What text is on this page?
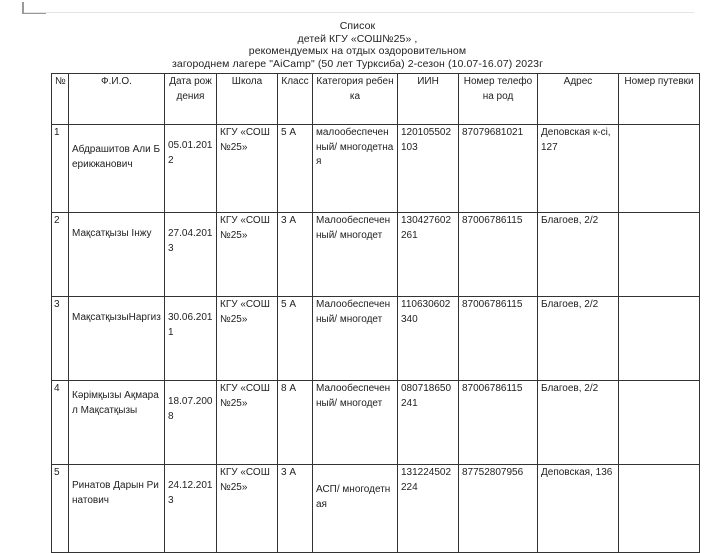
Список
детей КГУ «СОШ№25» ,
рекомендуемых на отдых оздоровительном
загороднем лагере "AiCamp" (50 лет Турксиба) 2-сезон (10.07-16.07) 2023г
№	Ф.И.О.	Дата рождения	Школа	Класс	Категория ребенка	ИИН	Номер телефона род	Адрес	Номер путевки
1	Абдрашитов Али Берикжанович	05.01.2012	КГУ «СОШ №25»	5 А	малообеспеченный/ многодетная	120105502103	87079681021	Деповская к-сі, 127	
2	Мақсатқызы Інжу	27.04.2013	КГУ «СОШ №25»	3 А	Малообеспеченный/ многодет	130427602261	87006786115	Благоев, 2/2	
3	МақсатқызыНаргиз	30.06.2011	КГУ «СОШ №25»	5 А	Малообеспеченный/ многодет	110630602340	87006786115	Благоев, 2/2	
4	Кәрімқызы Ақмарал Мақсатқызы	18.07.2008	КГУ «СОШ №25»	8 А	Малообеспеченный/ многодет	080718650241	87006786115	Благоев, 2/2	
5	Ринатов Дарын Ринатович	24.12.2013	КГУ «СОШ №25»	3 А	АСП/ многодетная	131224502224	87752807956	Деповская, 136	
